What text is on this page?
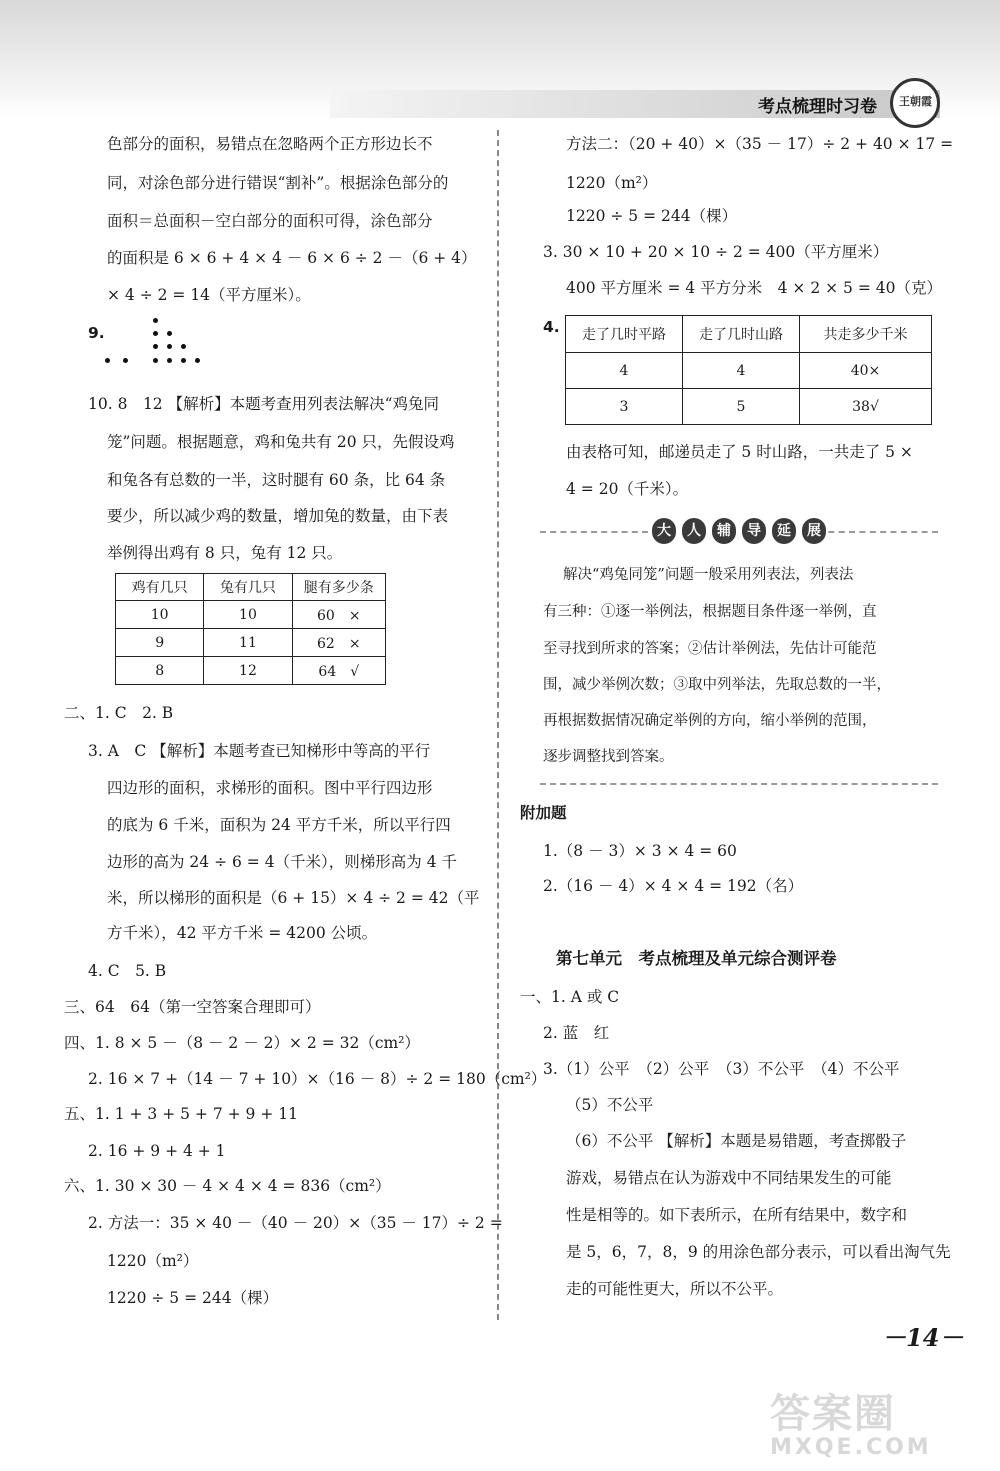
考点梳理时习卷 王朝霞
色部分的面积，易错点在忽略两个正方形边长不
同，对涂色部分进行错误“割补”。根据涂色部分的
面积＝总面积－空白部分的面积可得，涂色部分
的面积是 6 × 6 + 4 × 4 － 6 × 6 ÷ 2 －（6 + 4）
× 4 ÷ 2 = 14（平方厘米）。
9.
10. 8　12 【解析】本题考查用列表法解决“鸡兔同
笼”问题。根据题意，鸡和兔共有 20 只，先假设鸡
和兔各有总数的一半，这时腿有 60 条，比 64 条
要少，所以减少鸡的数量，增加兔的数量，由下表
举例得出鸡有 8 只，兔有 12 只。
鸡有几只	兔有几只	腿有多少条
10	10	60　×
9	11	62　×
8	12	64　√
二、1. C　2. B
3. A　C 【解析】本题考查已知梯形中等高的平行
四边形的面积，求梯形的面积。图中平行四边形
的底为 6 千米，面积为 24 平方千米，所以平行四
边形的高为 24 ÷ 6 = 4（千米），则梯形高为 4 千
米，所以梯形的面积是（6 + 15）× 4 ÷ 2 = 42（平
方千米），42 平方千米 = 4200 公顷。
4. C　5. B
三、64　64（第一空答案合理即可）
四、1. 8 × 5 －（8 － 2 － 2）× 2 = 32（cm²）
2. 16 × 7 +（14 － 7 + 10）×（16 － 8）÷ 2 = 180（cm²）
五、1. 1 + 3 + 5 + 7 + 9 + 11
2. 16 + 9 + 4 + 1
六、1. 30 × 30 － 4 × 4 × 4 = 836（cm²）
2. 方法一：35 × 40 －（40 － 20）×（35 － 17）÷ 2 =
1220（m²）
1220 ÷ 5 = 244（棵）
方法二：（20 + 40）×（35 － 17）÷ 2 + 40 × 17 =
1220（m²）
1220 ÷ 5 = 244（棵）
3. 30 × 10 + 20 × 10 ÷ 2 = 400（平方厘米）
400 平方厘米 = 4 平方分米　4 × 2 × 5 = 40（克）
4. 走了几时平路	走了几时山路	共走多少千米
4	4	40×
3	5	38√
由表格可知，邮递员走了 5 时山路，一共走了 5 ×
4 = 20（千米）。
大	人	辅	导	延	展
解决“鸡兔同笼”问题一般采用列表法，列表法
有三种：①逐一举例法，根据题目条件逐一举例，直
至寻找到所求的答案；②估计举例法，先估计可能范
围，减少举例次数；③取中列举法，先取总数的一半，
再根据数据情况确定举例的方向，缩小举例的范围，
逐步调整找到答案。
附加题
1.（8 － 3）× 3 × 4 = 60
2.（16 － 4）× 4 × 4 = 192（名）
第七单元　考点梳理及单元综合测评卷
一、1. A 或 C
2. 蓝　红
3.（1）公平　（2）公平　（3）不公平　（4）不公平
（5）不公平
（6）不公平 【解析】本题是易错题，考查掷骰子
游戏，易错点在认为游戏中不同结果发生的可能
性是相等的。如下表所示，在所有结果中，数字和
是 5，6，7，8，9 的用涂色部分表示，可以看出淘气先
走的可能性更大，所以不公平。
－14－
答案圈
MXQE.COM
